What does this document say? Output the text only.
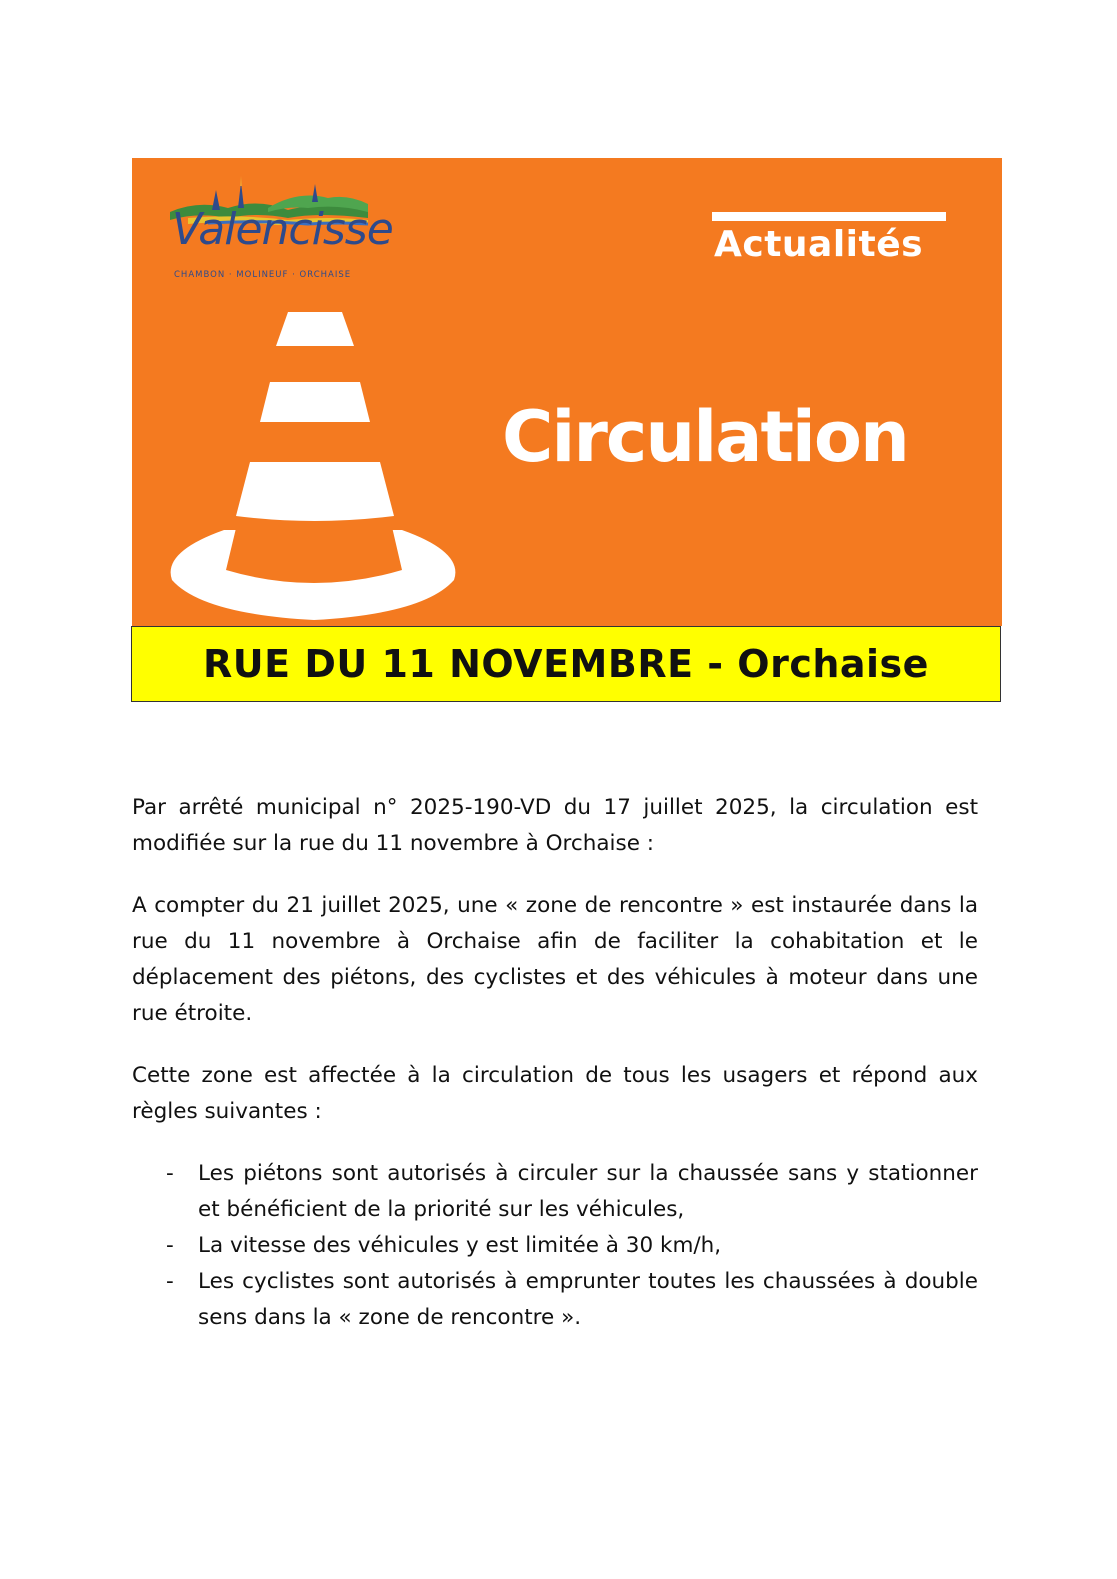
Valencisse
CHAMBON · MOLINEUF · ORCHAISE
Actualités
Circulation
RUE DU 11 NOVEMBRE - Orchaise

Par arrêté municipal n° 2025-190-VD du 17 juillet 2025, la circulation est modifiée sur la rue du 11 novembre à Orchaise :

A compter du 21 juillet 2025, une « zone de rencontre » est instaurée dans la rue du 11 novembre à Orchaise afin de faciliter la cohabitation et le déplacement des piétons, des cyclistes et des véhicules à moteur dans une rue étroite.

Cette zone est affectée à la circulation de tous les usagers et répond aux règles suivantes :

- Les piétons sont autorisés à circuler sur la chaussée sans y stationner et bénéficient de la priorité sur les véhicules,
- La vitesse des véhicules y est limitée à 30 km/h,
- Les cyclistes sont autorisés à emprunter toutes les chaussées à double sens dans la « zone de rencontre ».
